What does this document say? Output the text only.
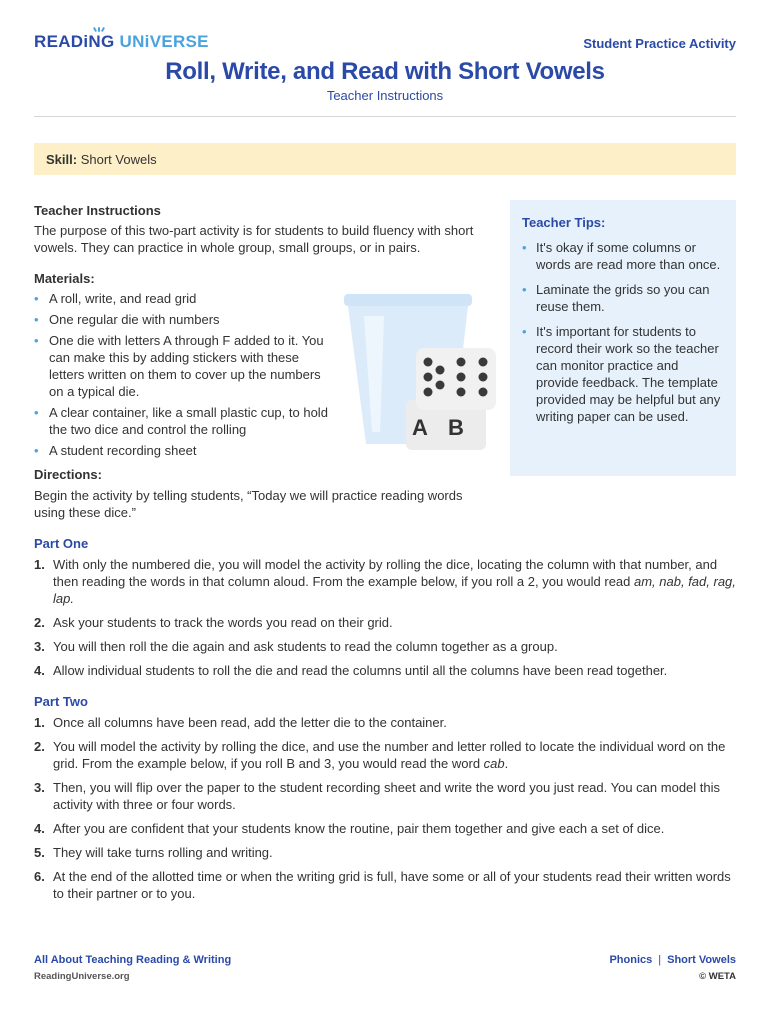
READiNG UNiVERSE	Student Practice Activity
Roll, Write, and Read with Short Vowels
Teacher Instructions
Skill: Short Vowels
Teacher Instructions

The purpose of this two-part activity is for students to build fluency with short vowels. They can practice in whole group, small groups, or in pairs.

Materials:
• A roll, write, and read grid
• One regular die with numbers
• One die with letters A through F added to it. You can make this by adding stickers with these letters written on them to cover up the numbers on a typical die.
• A clear container, like a small plastic cup, to hold the two dice and control the rolling
• A student recording sheet
A B
Teacher Tips:
• It's okay if some columns or words are read more than once.
• Laminate the grids so you can reuse them.
• It's important for students to record their work so the teacher can monitor practice and provide feedback. The template provided may be helpful but any writing paper can be used.
Directions:

Begin the activity by telling students, “Today we will practice reading words using these dice.”

Part One
1. With only the numbered die, you will model the activity by rolling the dice, locating the column with that number, and then reading the words in that column aloud. From the example below, if you roll a 2, you would read am, nab, fad, rag, lap.
2. Ask your students to track the words you read on their grid.
3. You will then roll the die again and ask students to read the column together as a group.
4. Allow individual students to roll the die and read the columns until all the columns have been read together.
Part Two
1. Once all columns have been read, add the letter die to the container.
2. You will model the activity by rolling the dice, and use the number and letter rolled to locate the individual word on the grid. From the example below, if you roll B and 3, you would read the word cab.
3. Then, you will flip over the paper to the student recording sheet and write the word you just read. You can model this activity with three or four words.
4. After you are confident that your students know the routine, pair them together and give each a set of dice.
5. They will take turns rolling and writing.
6. At the end of the allotted time or when the writing grid is full, have some or all of your students read their written words to their partner or to you.
All About Teaching Reading & Writing
ReadingUniverse.org
Phonics | Short Vowels
© WETA
